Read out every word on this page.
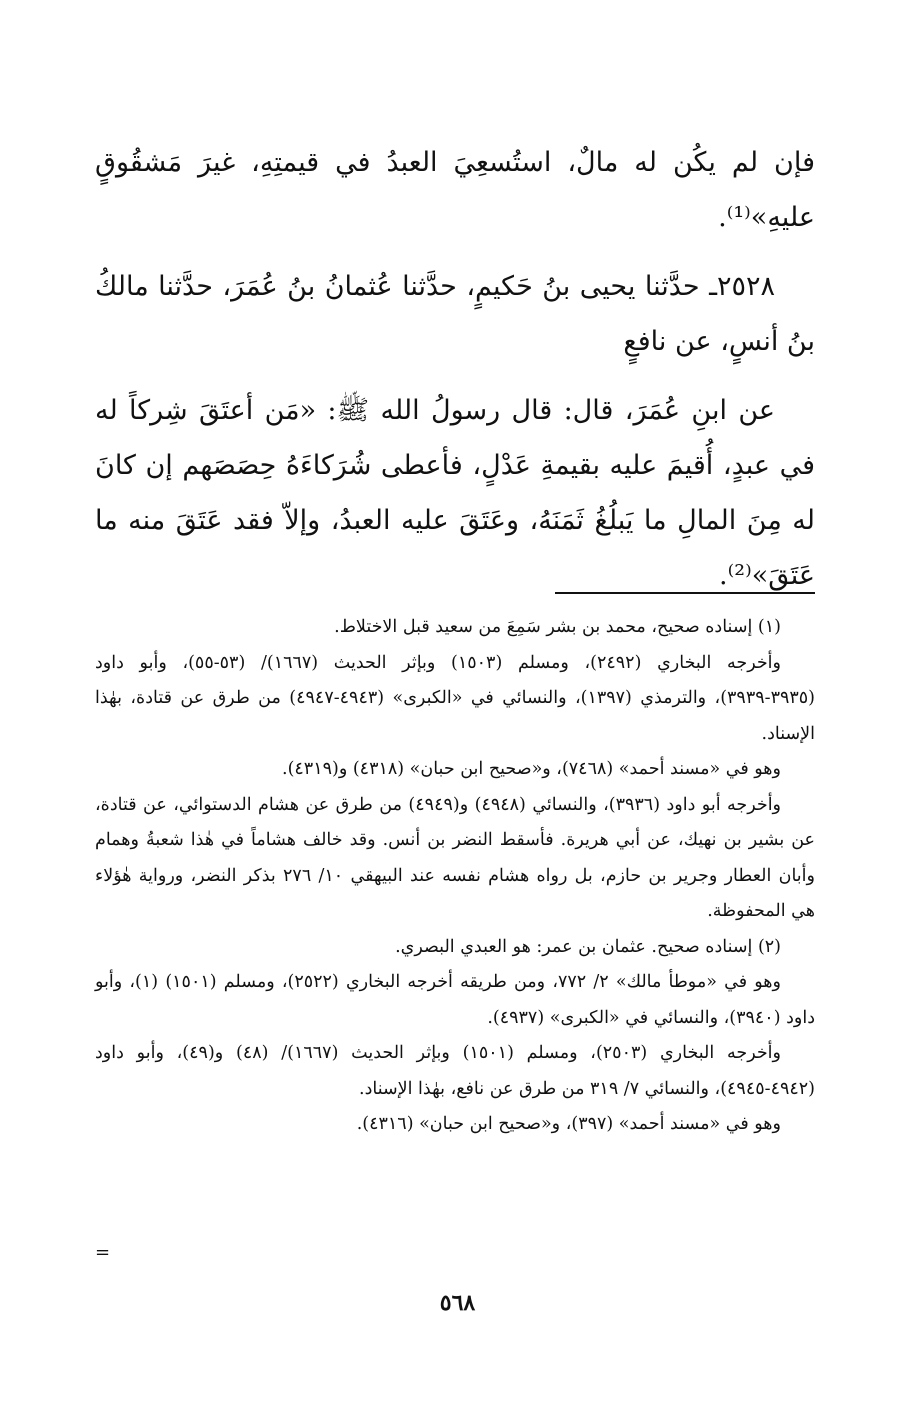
فإن لم يكُن له مالٌ، استُسعِيَ العبدُ في قيمتِهِ، غيرَ مَشقُوقٍ عليهِ»⁽¹⁾.

٢٥٢٨ـ حدَّثنا يحيى بنُ حَكيمٍ، حدَّثنا عُثمانُ بنُ عُمَرَ، حدَّثنا مالكُ بنُ أنسٍ، عن نافعٍ

عن ابنِ عُمَرَ، قال: قال رسولُ الله ﷺ: «مَن أعتَقَ شِركاً له في عبدٍ، أُقيمَ عليه بقيمةِ عَدْلٍ، فأعطى شُرَكاءَهُ حِصَصَهم إن كانَ له مِنَ المالِ ما يَبلُغُ ثَمَنَهُ، وعَتَقَ عليه العبدُ، وإلاّ فقد عَتَقَ منه ما عَتَقَ»⁽²⁾.

(١) إسناده صحيح، محمد بن بشر سَمِعَ من سعيد قبل الاختلاط.

وأخرجه البخاري (٢٤٩٢)، ومسلم (١٥٠٣) وبإثر الحديث (١٦٦٧)/ (٥٣-٥٥)، وأبو داود (٣٩٣٥-٣٩٣٩)، والترمذي (١٣٩٧)، والنسائي في «الكبرى» (٤٩٤٣-٤٩٤٧) من طرق عن قتادة، بهٰذا الإسناد.

وهو في «مسند أحمد» (٧٤٦٨)، و«صحيح ابن حبان» (٤٣١٨) و(٤٣١٩).

وأخرجه أبو داود (٣٩٣٦)، والنسائي (٤٩٤٨) و(٤٩٤٩) من طرق عن هشام الدستوائي، عن قتادة، عن بشير بن نهيك، عن أبي هريرة. فأسقط النضر بن أنس. وقد خالف هشاماً في هٰذا شعبةُ وهمام وأبان العطار وجرير بن حازم، بل رواه هشام نفسه عند البيهقي ١٠/ ٢٧٦ بذكر النضر، ورواية هٰؤلاء هي المحفوظة.

(٢) إسناده صحيح. عثمان بن عمر: هو العبدي البصري.

وهو في «موطأ مالك» ٢/ ٧٧٢، ومن طريقه أخرجه البخاري (٢٥٢٢)، ومسلم (١٥٠١) (١)، وأبو داود (٣٩٤٠)، والنسائي في «الكبرى» (٤٩٣٧).

وأخرجه البخاري (٢٥٠٣)، ومسلم (١٥٠١) وبإثر الحديث (١٦٦٧)/ (٤٨) و(٤٩)، وأبو داود (٤٩٤٢-٤٩٤٥)، والنسائي ٧/ ٣١٩ من طرق عن نافع، بهٰذا الإسناد.

وهو في «مسند أحمد» (٣٩٧)، و«صحيح ابن حبان» (٤٣١٦).

=
٥٦٨
